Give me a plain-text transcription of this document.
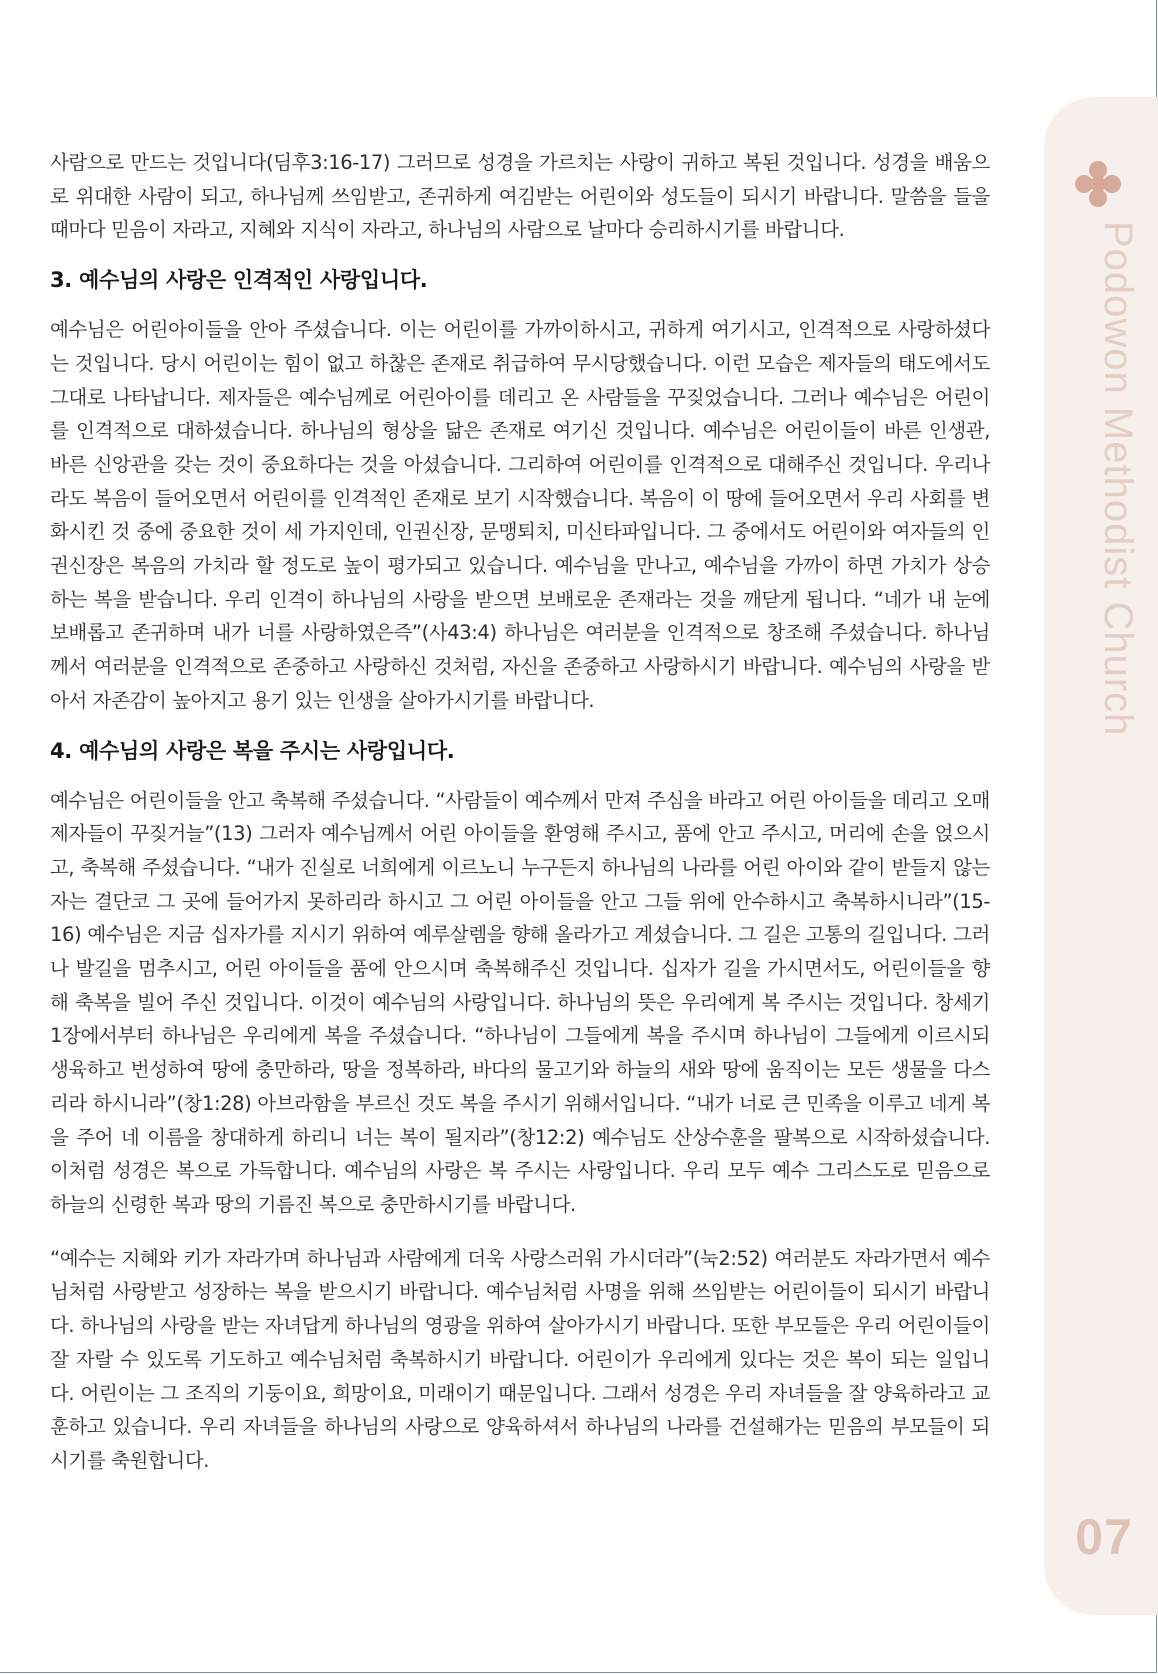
Podowon Methodist Church
07

사람으로 만드는 것입니다(딤후3:16-17) 그러므로 성경을 가르치는 사랑이 귀하고 복된 것입니다. 성경을 배움으로 위대한 사람이 되고, 하나님께 쓰임받고, 존귀하게 여김받는 어린이와 성도들이 되시기 바랍니다. 말씀을 들을 때마다 믿음이 자라고, 지혜와 지식이 자라고, 하나님의 사람으로 날마다 승리하시기를 바랍니다.

3. 예수님의 사랑은 인격적인 사랑입니다.

예수님은 어린아이들을 안아 주셨습니다. 이는 어린이를 가까이하시고, 귀하게 여기시고, 인격적으로 사랑하셨다는 것입니다. 당시 어린이는 힘이 없고 하찮은 존재로 취급하여 무시당했습니다. 이런 모습은 제자들의 태도에서도 그대로 나타납니다. 제자들은 예수님께로 어린아이를 데리고 온 사람들을 꾸짖었습니다. 그러나 예수님은 어린이를 인격적으로 대하셨습니다. 하나님의 형상을 닮은 존재로 여기신 것입니다. 예수님은 어린이들이 바른 인생관, 바른 신앙관을 갖는 것이 중요하다는 것을 아셨습니다. 그리하여 어린이를 인격적으로 대해주신 것입니다. 우리나라도 복음이 들어오면서 어린이를 인격적인 존재로 보기 시작했습니다. 복음이 이 땅에 들어오면서 우리 사회를 변화시킨 것 중에 중요한 것이 세 가지인데, 인권신장, 문맹퇴치, 미신타파입니다. 그 중에서도 어린이와 여자들의 인권신장은 복음의 가치라 할 정도로 높이 평가되고 있습니다. 예수님을 만나고, 예수님을 가까이 하면 가치가 상승하는 복을 받습니다. 우리 인격이 하나님의 사랑을 받으면 보배로운 존재라는 것을 깨닫게 됩니다. “네가 내 눈에 보배롭고 존귀하며 내가 너를 사랑하였은즉”(사43:4) 하나님은 여러분을 인격적으로 창조해 주셨습니다. 하나님께서 여러분을 인격적으로 존중하고 사랑하신 것처럼, 자신을 존중하고 사랑하시기 바랍니다. 예수님의 사랑을 받아서 자존감이 높아지고 용기 있는 인생을 살아가시기를 바랍니다.

4. 예수님의 사랑은 복을 주시는 사랑입니다.

예수님은 어린이들을 안고 축복해 주셨습니다. “사람들이 예수께서 만져 주심을 바라고 어린 아이들을 데리고 오매 제자들이 꾸짖거늘”(13) 그러자 예수님께서 어린 아이들을 환영해 주시고, 품에 안고 주시고, 머리에 손을 얹으시고, 축복해 주셨습니다. “내가 진실로 너희에게 이르노니 누구든지 하나님의 나라를 어린 아이와 같이 받들지 않는 자는 결단코 그 곳에 들어가지 못하리라 하시고 그 어린 아이들을 안고 그들 위에 안수하시고 축복하시니라”(15-16) 예수님은 지금 십자가를 지시기 위하여 예루살렘을 향해 올라가고 계셨습니다. 그 길은 고통의 길입니다. 그러나 발길을 멈추시고, 어린 아이들을 품에 안으시며 축복해주신 것입니다. 십자가 길을 가시면서도, 어린이들을 향해 축복을 빌어 주신 것입니다. 이것이 예수님의 사랑입니다. 하나님의 뜻은 우리에게 복 주시는 것입니다. 창세기 1장에서부터 하나님은 우리에게 복을 주셨습니다. “하나님이 그들에게 복을 주시며 하나님이 그들에게 이르시되 생육하고 번성하여 땅에 충만하라, 땅을 정복하라, 바다의 물고기와 하늘의 새와 땅에 움직이는 모든 생물을 다스리라 하시니라”(창1:28) 아브라함을 부르신 것도 복을 주시기 위해서입니다. “내가 너로 큰 민족을 이루고 네게 복을 주어 네 이름을 창대하게 하리니 너는 복이 될지라”(창12:2) 예수님도 산상수훈을 팔복으로 시작하셨습니다. 이처럼 성경은 복으로 가득합니다. 예수님의 사랑은 복 주시는 사랑입니다. 우리 모두 예수 그리스도로 믿음으로 하늘의 신령한 복과 땅의 기름진 복으로 충만하시기를 바랍니다.

“예수는 지혜와 키가 자라가며 하나님과 사람에게 더욱 사랑스러워 가시더라”(눅2:52) 여러분도 자라가면서 예수님처럼 사랑받고 성장하는 복을 받으시기 바랍니다. 예수님처럼 사명을 위해 쓰임받는 어린이들이 되시기 바랍니다. 하나님의 사랑을 받는 자녀답게 하나님의 영광을 위하여 살아가시기 바랍니다. 또한 부모들은 우리 어린이들이 잘 자랄 수 있도록 기도하고 예수님처럼 축복하시기 바랍니다. 어린이가 우리에게 있다는 것은 복이 되는 일입니다. 어린이는 그 조직의 기둥이요, 희망이요, 미래이기 때문입니다. 그래서 성경은 우리 자녀들을 잘 양육하라고 교훈하고 있습니다. 우리 자녀들을 하나님의 사랑으로 양육하셔서 하나님의 나라를 건설해가는 믿음의 부모들이 되시기를 축원합니다.
